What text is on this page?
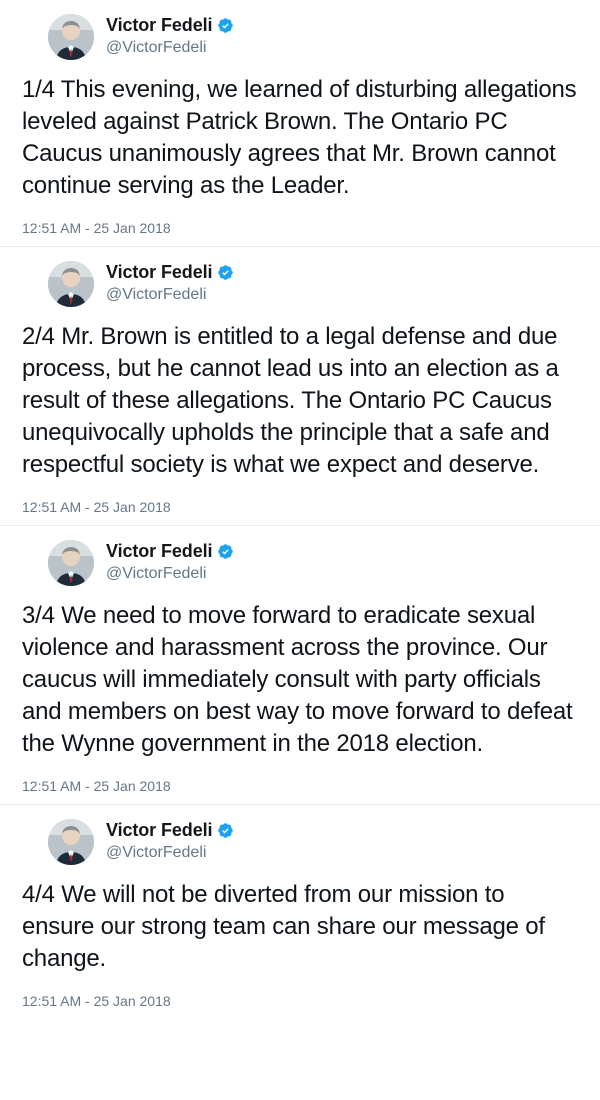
Victor Fedeli
@VictorFedeli
1/4 This evening, we learned of disturbing allegations leveled against Patrick Brown. The Ontario PC Caucus unanimously agrees that Mr. Brown cannot continue serving as the Leader.
12:51 AM - 25 Jan 2018
Victor Fedeli
@VictorFedeli
2/4 Mr. Brown is entitled to a legal defense and due process, but he cannot lead us into an election as a result of these allegations. The Ontario PC Caucus unequivocally upholds the principle that a safe and respectful society is what we expect and deserve.
12:51 AM - 25 Jan 2018
Victor Fedeli
@VictorFedeli
3/4 We need to move forward to eradicate sexual violence and harassment across the province. Our caucus will immediately consult with party officials and members on best way to move forward to defeat the Wynne government in the 2018 election.
12:51 AM - 25 Jan 2018
Victor Fedeli
@VictorFedeli
4/4 We will not be diverted from our mission to ensure our strong team can share our message of change.
12:51 AM - 25 Jan 2018
